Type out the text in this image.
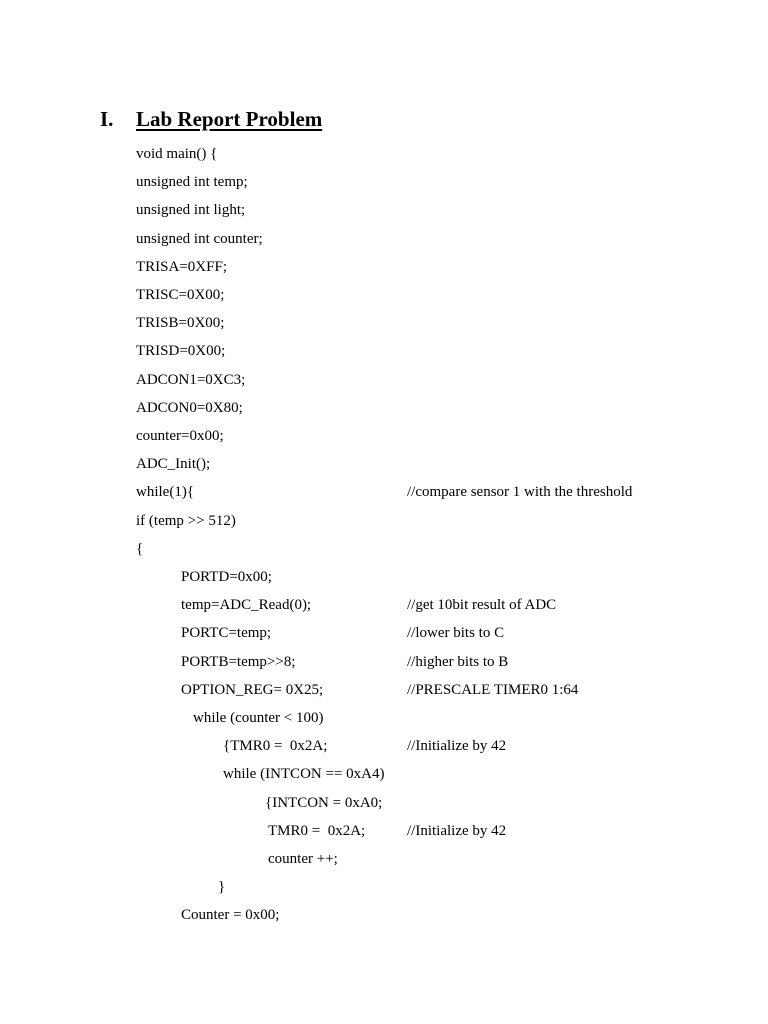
I. Lab Report Problem
void main() {
unsigned int temp;
unsigned int light;
unsigned int counter;
TRISA=0XFF;
TRISC=0X00;
TRISB=0X00;
TRISD=0X00;
ADCON1=0XC3;
ADCON0=0X80;
counter=0x00;
ADC_Init();
while(1){	//compare sensor 1 with the threshold
if (temp >> 512)
{
PORTD=0x00;
temp=ADC_Read(0);	//get 10bit result of ADC
PORTC=temp;	//lower bits to C
PORTB=temp>>8;	//higher bits to B
OPTION_REG= 0X25;	//PRESCALE TIMER0 1:64
while (counter < 100)
{TMR0 =  0x2A;	//Initialize by 42
while (INTCON == 0xA4)
{INTCON = 0xA0;
TMR0 =  0x2A;	//Initialize by 42
counter ++;
}
Counter = 0x00;
